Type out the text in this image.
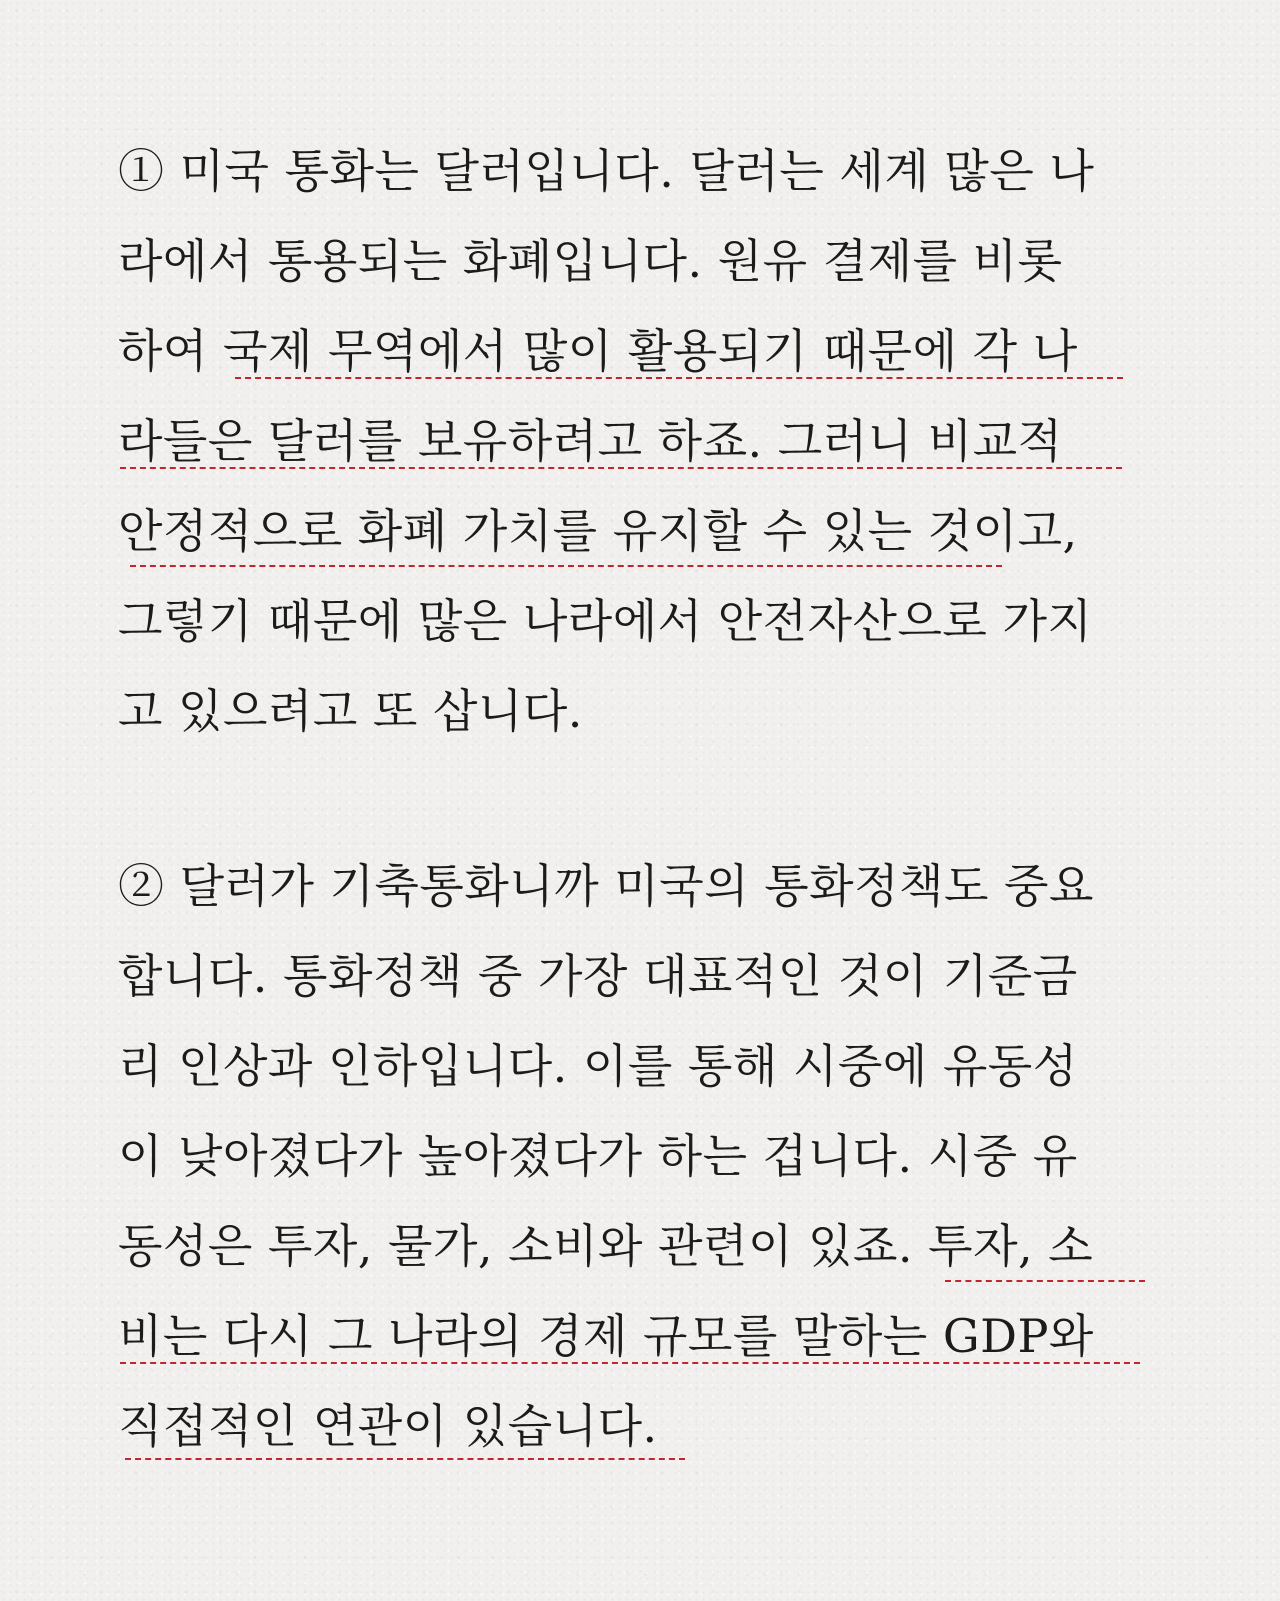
① 미국 통화는 달러입니다. 달러는 세계 많은 나
라에서 통용되는 화폐입니다. 원유 결제를 비롯
하여 국제 무역에서 많이 활용되기 때문에 각 나
라들은 달러를 보유하려고 하죠. 그러니 비교적
안정적으로 화폐 가치를 유지할 수 있는 것이고,
그렇기 때문에 많은 나라에서 안전자산으로 가지
고 있으려고 또 삽니다.
② 달러가 기축통화니까 미국의 통화정책도 중요
합니다. 통화정책 중 가장 대표적인 것이 기준금
리 인상과 인하입니다. 이를 통해 시중에 유동성
이 낮아졌다가 높아졌다가 하는 겁니다. 시중 유
동성은 투자, 물가, 소비와 관련이 있죠. 투자, 소
비는 다시 그 나라의 경제 규모를 말하는 GDP와
직접적인 연관이 있습니다.
